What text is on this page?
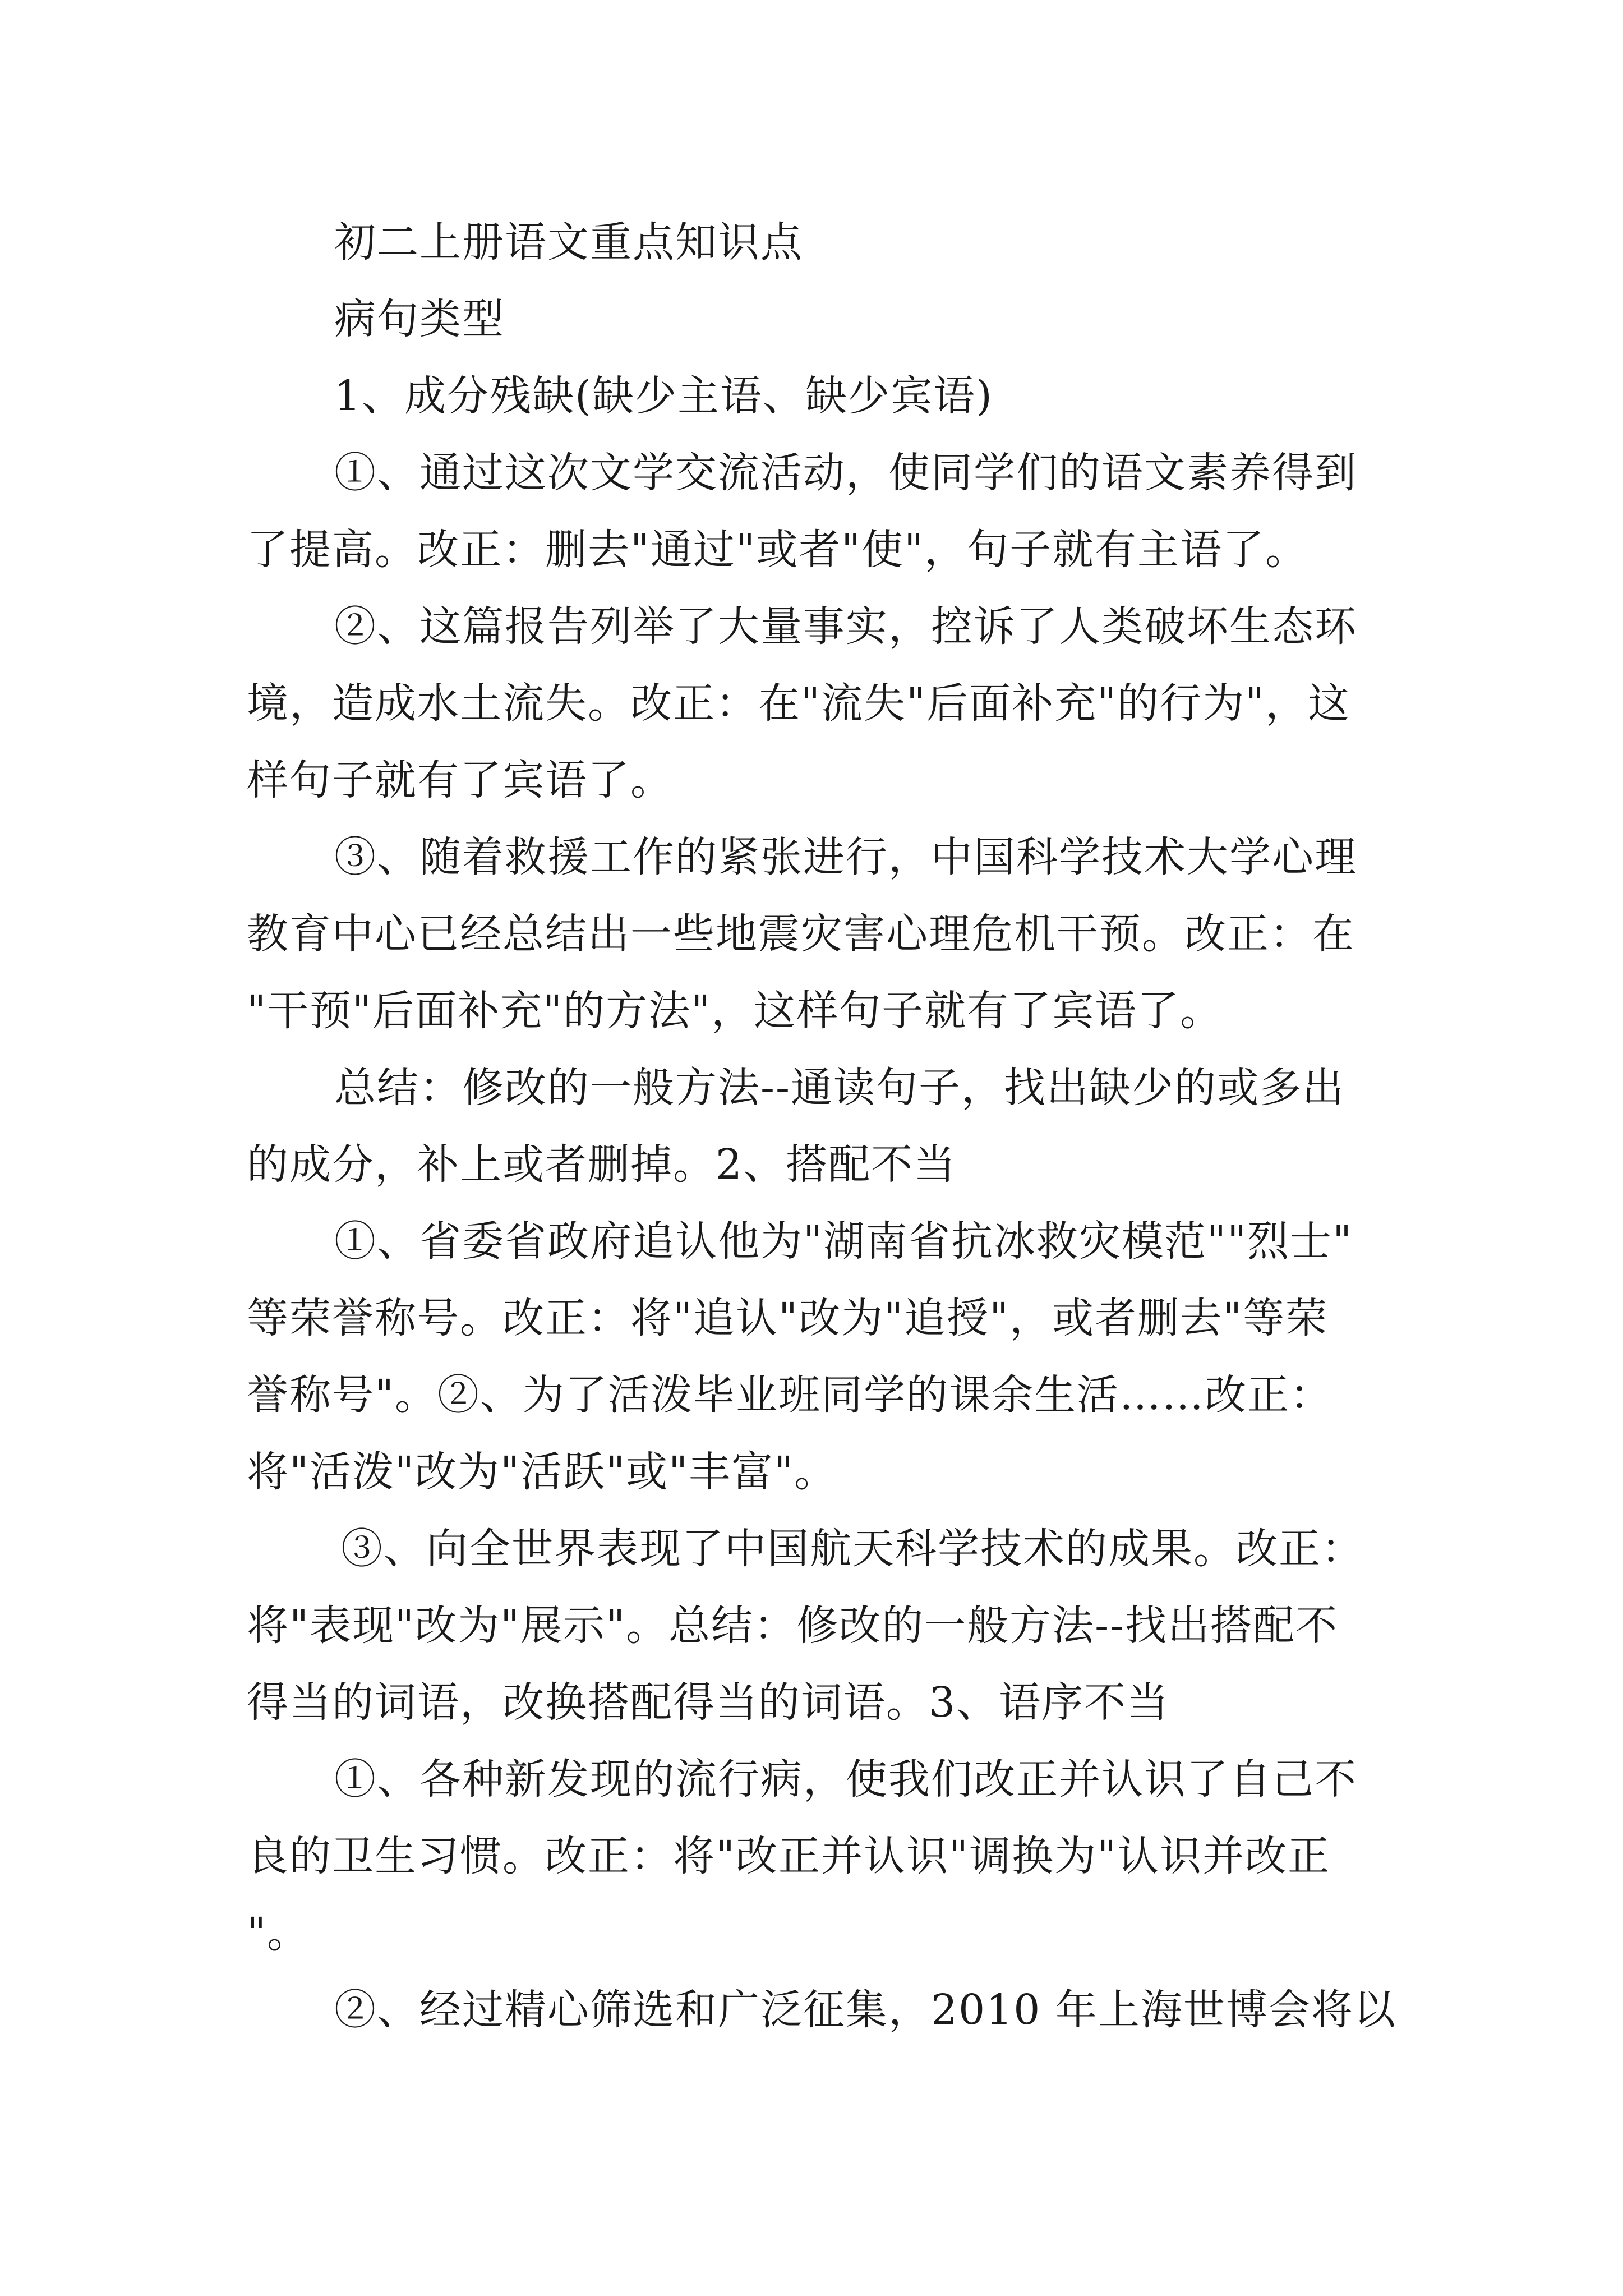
初二上册语文重点知识点
病句类型
1、成分残缺(缺少主语、缺少宾语)
①、通过这次文学交流活动，使同学们的语文素养得到
了提高。改正：删去"通过"或者"使"，句子就有主语了。
②、这篇报告列举了大量事实，控诉了人类破坏生态环
境，造成水土流失。改正：在"流失"后面补充"的行为"，这
样句子就有了宾语了。
③、随着救援工作的紧张进行，中国科学技术大学心理
教育中心已经总结出一些地震灾害心理危机干预。改正：在
"干预"后面补充"的方法"，这样句子就有了宾语了。
总结：修改的一般方法--通读句子，找出缺少的或多出
的成分，补上或者删掉。2、搭配不当
①、省委省政府追认他为"湖南省抗冰救灾模范""烈士"
等荣誉称号。改正：将"追认"改为"追授"，或者删去"等荣
誉称号"。②、为了活泼毕业班同学的课余生活……改正：
将"活泼"改为"活跃"或"丰富"。
③、向全世界表现了中国航天科学技术的成果。改正：
将"表现"改为"展示"。总结：修改的一般方法--找出搭配不
得当的词语，改换搭配得当的词语。3、语序不当
①、各种新发现的流行病，使我们改正并认识了自己不
良的卫生习惯。改正：将"改正并认识"调换为"认识并改正
"。
②、经过精心筛选和广泛征集，2010 年上海世博会将以
